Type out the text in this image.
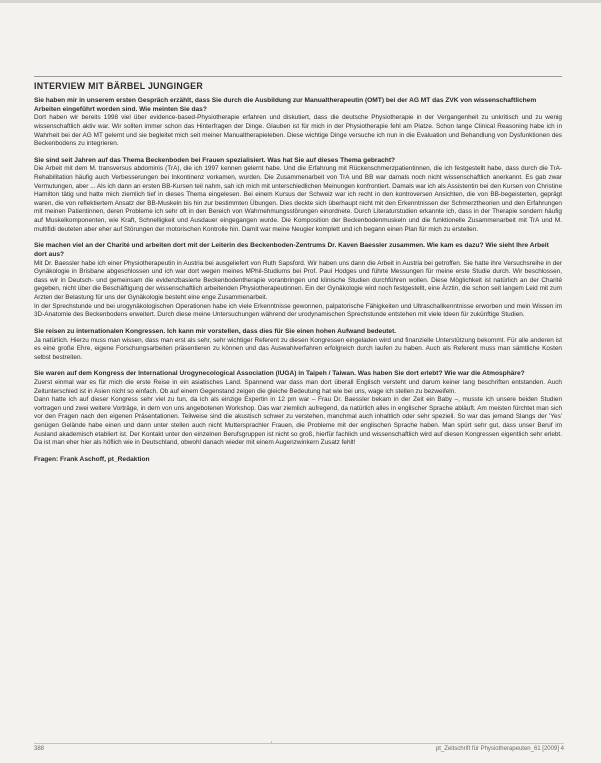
INTERVIEW MIT BÄRBEL JUNGINGER

Sie haben mir in unserem ersten Gespräch erzählt, dass Sie durch die Ausbildung zur Manualtherapeutin (OMT) bei der AG MT das ZVK von wissenschaftlichem Arbeiten eingeführt worden sind. Wie meinten Sie das?

Dort haben wir bereits 1998 viel über evidence-based-Physiotherapie erfahren und diskutiert, dass die deutsche Physiotherapie in der Vergangenheit zu unkritisch und zu wenig wissenschaftlich aktiv war. Wir sollten immer schon das Hinterfragen der Dinge. Glauben ist für mich in der Physiotherapie fehl am Platze. Schon lange Clinical Reasoning habe ich in Wahrheit bei der AG MT gelernt und sie begleitet mich seit meiner Manualtherapieleben. Diese wichtige Dinge versuche ich nun in die Evaluation und Behandlung von Dysfunktionen des Beckenbodens zu integrieren.

Sie sind seit Jahren auf das Thema Beckenboden bei Frauen spezialisiert. Was hat Sie auf dieses Thema gebracht?

Die Arbeit mit dem M. transversus abdominis (TrA), die ich 1997 kennen gelernt habe. Und die Erfahrung mit Rückenschmerzpatientinnen, die ich festgestellt habe, dass durch die TrA-Rehabilitation häufig auch Verbesserungen bei Inkontinenz vorkamen, wurden. Die Zusammenarbeit von TrA und BB war damals noch nicht wissenschaftlich anerkannt. Es gab zwar Vermutungen, aber ... Als ich dann an ersten BB-Kursen teil nahm, sah ich mich mit unterschiedlichen Meinungen konfrontiert. Damals war ich als Assistentin bei den Kursen von Christine Hamilton tätig und hatte mich ziemlich tief in dieses Thema eingelesen. Bei einem Kursus der Schweiz war ich recht in den kontroversen Ansichten, die von BB-begeisterten, geprägt waren, die von reflektiertem Ansatz der BB-Muskeln bis hin zur bestimmten Übungen. Dies deckte sich überhaupt nicht mit den Erkenntnissen der Schmerztheorien und den Erfahrungen mit meinen Patientinnen, deren Probleme ich sehr oft in den Bereich von Wahrnehmungsstörungen einordnete. Durch Literaturstudien erkannte ich, dass in der Therapie sondern häufig auf Muskelkomponenten, wie Kraft, Schnelligkeit und Ausdauer eingegangen wurde. Die Komposition der Beckenbodenmuskeln und die funktionelle Zusammenarbeit mit TrA und M. multifidi deuteten aber eher auf Störungen der motorischen Kontrolle hin. Damit war meine Neugier komplett und ich begann einen Plan für mich zu erstellen.

Sie machen viel an der Charité und arbeiten dort mit der Leiterin des Beckenboden-Zentrums Dr. Kaven Baessler zusammen. Wie kam es dazu? Wie sieht Ihre Arbeit dort aus?

Mit Dr. Baessler habe ich einer Physiotherapeutin in Austria bei ausgeliefert von Ruth Sapsford. Wir haben uns dann die Arbeit in Austria bei getroffen. Sie hatte ihre Versuchsreihe in der Gynäkologie in Brisbane abgeschlossen und ich war dort wegen meines MPhil-Studiums bei Prof. Paul Hodges und führte Messungen für meine erste Studie durch. Wir beschlossen, dass wir in Deutsch- und gemeinsam die evidenzbasierte Beckenbodentherapie voranbringen und klinische Studien durchführen wollen. Diese Möglichkeit ist natürlich an der Charité gegeben, nicht über die Beschäftigung der wissenschaftlich arbeitenden Physiotherapeutinnen. Ein der Gynäkologie wird noch festgestellt, eine Ärztin, die schon seit langem Leid mit zum Arzten der Belastung für uns der Gynäkologie besteht eine enge Zusammenarbeit.
In der Sprechstunde und bei urogynäkologischen Operationen habe ich viele Erkenntnisse gewonnen, palpatorische Fähigkeiten und Ultraschallkenntnisse erworben und mein Wissen im 3D-Anatomie des Beckenbodens erweitert. Durch diese meine Untersuchungen während der urodynamischen Sprechstunde entstehen mit viele Ideen für zukünftige Studien.

Sie reisen zu internationalen Kongressen. Ich kann mir vorstellen, dass dies für Sie einen hohen Aufwand bedeutet.

Ja natürlich. Hierzu muss man wissen, dass man erst als sehr, sehr wichtiger Referent zu diesen Kongressen eingeladen wird und finanzielle Unterstützung bekommt. Für alle anderen ist es eine große Ehre, eigene Forschungsarbeiten präsentieren zu können und das Auswahlverfahren erfolgreich durch laufen zu haben. Auch als Referent muss man sämtliche Kosten selbst bestreiten.

Sie waren auf dem Kongress der International Urogynecological Association (IUGA) in Taipeh / Taiwan. Was haben Sie dort erlebt? Wie war die Atmosphäre?

Zuerst einmal war es für mich die erste Reise in ein asiatisches Land. Spannend war dass man dort überall Englisch versteht und darum keiner lang beschriften entstanden. Auch Zeitunterschied ist in Asien nicht so einfach. Ob auf einem Gegenstand zeigen die gleiche Bedeutung hat wie bei uns, wage ich stellen zu bezweifeln.
Dann hatte ich auf dieser Kongress sehr viel zu tun, da ich als einzige Expertin in 12 pm war – Frau Dr. Baessler bekam in der Zeit ein Baby –, musste ich unsere beiden Studien vortragen und zwei weitere Vorträge, in dem von uns angebotenen Workshop. Das war ziemlich aufregend, da natürlich alles in englischer Sprache abläuft. Am meisten fürchtet man sich vor den Fragen nach den eigenen Präsentationen. Teilweise sind die akustisch schwer zu verstehen, manchmal auch inhaltlich oder sehr speziell. So war das jemand Slangs der 'Yes' genügen Gelände habe einen und dann unter stellen auch nicht Muttersprachler Frauen, die Probleme mit der englischen Sprache haben. Man spürt sehr gut, dass unser Beruf im Ausland akademisch etabliert ist. Der Kontakt unter den einzelnen Berufsgruppen ist nicht so groß, hierfür fachlich und wissenschaftlich wird auf diesen Kongressen eigentlich sehr erlebt. Da ist man eher hier als höflich wie in Deutschland, obwohl danach wieder mit einem Augenzwinkern Zusatz fehlt!

Fragen: Frank Aschoff, pt_Redaktion
388
'
pt_Zeitschrift für Physiotherapeuten_61 [2009] 4
